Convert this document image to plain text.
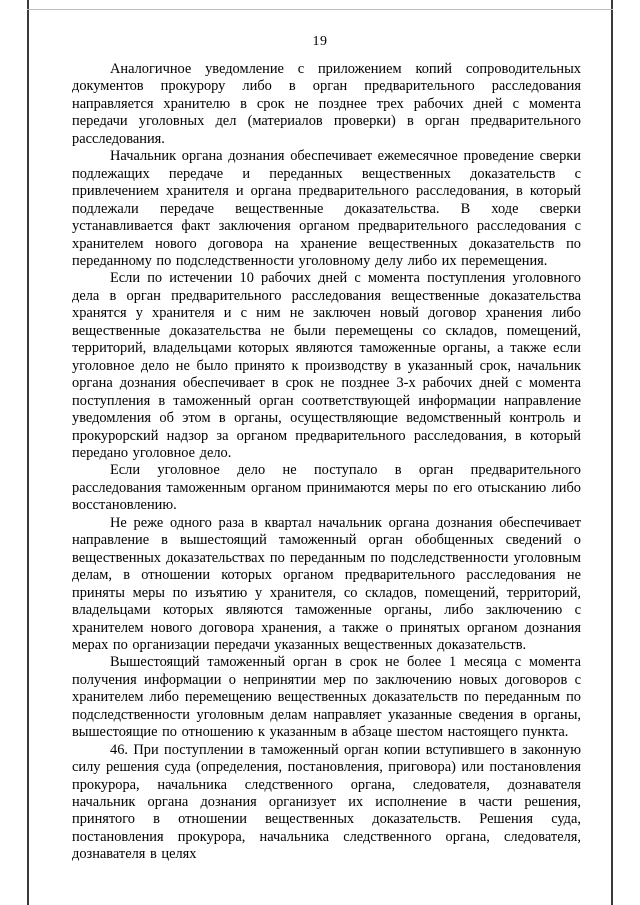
19

Аналогичное уведомление с приложением копий сопроводительных документов прокурору либо в орган предварительного расследования направляется хранителю в срок не позднее трех рабочих дней с момента передачи уголовных дел (материалов проверки) в орган предварительного расследования.

Начальник органа дознания обеспечивает ежемесячное проведение сверки подлежащих передаче и переданных вещественных доказательств с привлечением хранителя и органа предварительного расследования, в который подлежали передаче вещественные доказательства. В ходе сверки устанавливается факт заключения органом предварительного расследования с хранителем нового договора на хранение вещественных доказательств по переданному по подследственности уголовному делу либо их перемещения.

Если по истечении 10 рабочих дней с момента поступления уголовного дела в орган предварительного расследования вещественные доказательства хранятся у хранителя и с ним не заключен новый договор хранения либо вещественные доказательства не были перемещены со складов, помещений, территорий, владельцами которых являются таможенные органы, а также если уголовное дело не было принято к производству в указанный срок, начальник органа дознания обеспечивает в срок не позднее 3-х рабочих дней с момента поступления в таможенный орган соответствующей информации направление уведомления об этом в органы, осуществляющие ведомственный контроль и прокурорский надзор за органом предварительного расследования, в который передано уголовное дело.

Если уголовное дело не поступало в орган предварительного расследования таможенным органом принимаются меры по его отысканию либо восстановлению.

Не реже одного раза в квартал начальник органа дознания обеспечивает направление в вышестоящий таможенный орган обобщенных сведений о вещественных доказательствах по переданным по подследственности уголовным делам, в отношении которых органом предварительного расследования не приняты меры по изъятию у хранителя, со складов, помещений, территорий, владельцами которых являются таможенные органы, либо заключению с хранителем нового договора хранения, а также о принятых органом дознания мерах по организации передачи указанных вещественных доказательств.

Вышестоящий таможенный орган в срок не более 1 месяца с момента получения информации о непринятии мер по заключению новых договоров с хранителем либо перемещению вещественных доказательств по переданным по подследственности уголовным делам направляет указанные сведения в органы, вышестоящие по отношению к указанным в абзаце шестом настоящего пункта.

46. При поступлении в таможенный орган копии вступившего в законную силу решения суда (определения, постановления, приговора) или постановления прокурора, начальника следственного органа, следователя, дознавателя начальник органа дознания организует их исполнение в части решения, принятого в отношении вещественных доказательств. Решения суда, постановления прокурора, начальника следственного органа, следователя, дознавателя в целях
